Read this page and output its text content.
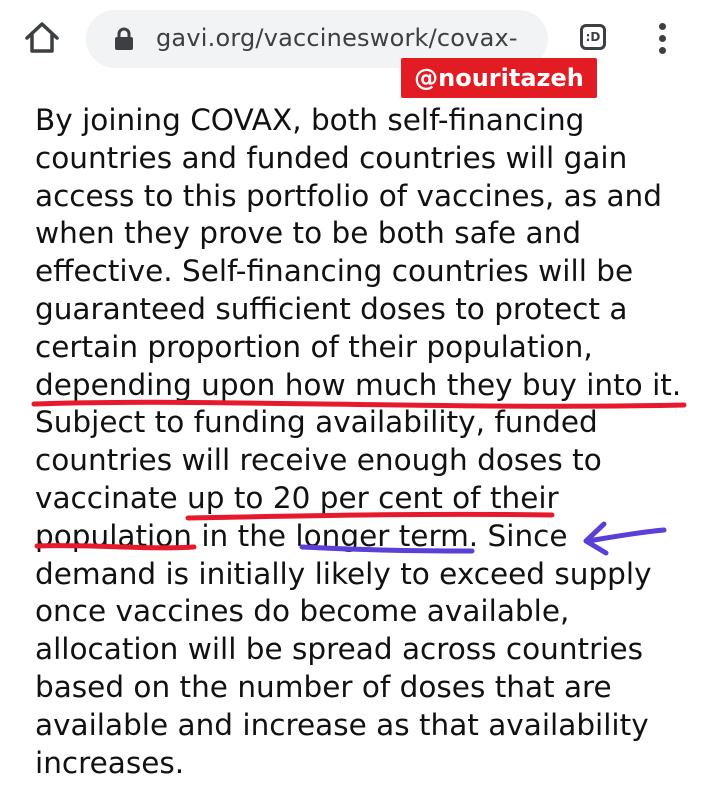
gavi.org/vaccineswork/covax-	:D
@nouritazeh
By joining COVAX, both self-financing
countries and funded countries will gain
access to this portfolio of vaccines, as and
when they prove to be both safe and
effective. Self-financing countries will be
guaranteed sufficient doses to protect a
certain proportion of their population,
depending upon how much they buy into it.
Subject to funding availability, funded
countries will receive enough doses to
vaccinate up to 20 per cent of their
population in the longer term. Since
demand is initially likely to exceed supply
once vaccines do become available,
allocation will be spread across countries
based on the number of doses that are
available and increase as that availability
increases.
